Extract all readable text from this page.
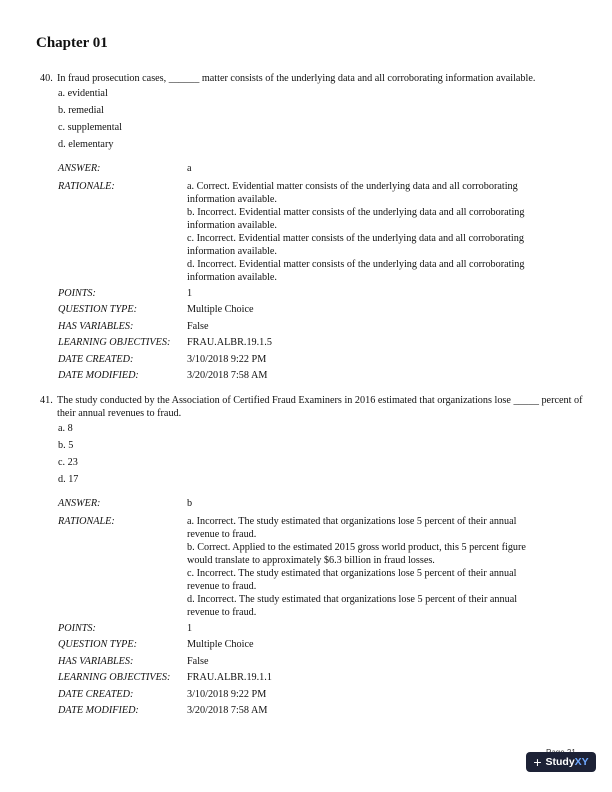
Chapter 01
40. In fraud prosecution cases, ______ matter consists of the underlying data and all corroborating information available.
a. evidential
b. remedial
c. supplemental
d. elementary
ANSWER:	a
RATIONALE:	a. Correct. Evidential matter consists of the underlying data and all corroborating
information available.
b. Incorrect. Evidential matter consists of the underlying data and all corroborating
information available.
c. Incorrect. Evidential matter consists of the underlying data and all corroborating
information available.
d. Incorrect. Evidential matter consists of the underlying data and all corroborating
information available.
POINTS:	1
QUESTION TYPE:	Multiple Choice
HAS VARIABLES:	False
LEARNING OBJECTIVES:	FRAU.ALBR.19.1.5
DATE CREATED:	3/10/2018 9:22 PM
DATE MODIFIED:	3/20/2018 7:58 AM
41. The study conducted by the Association of Certified Fraud Examiners in 2016 estimated that organizations lose _____ percent of their annual revenues to fraud.
a. 8
b. 5
c. 23
d. 17
ANSWER:	b
RATIONALE:	a. Incorrect. The study estimated that organizations lose 5 percent of their annual
revenue to fraud.
b. Correct. Applied to the estimated 2015 gross world product, this 5 percent figure
would translate to approximately $6.3 billion in fraud losses.
c. Incorrect. The study estimated that organizations lose 5 percent of their annual
revenue to fraud.
d. Incorrect. The study estimated that organizations lose 5 percent of their annual
revenue to fraud.
POINTS:	1
QUESTION TYPE:	Multiple Choice
HAS VARIABLES:	False
LEARNING OBJECTIVES:	FRAU.ALBR.19.1.1
DATE CREATED:	3/10/2018 9:22 PM
DATE MODIFIED:	3/20/2018 7:58 AM
+ StudyXY
